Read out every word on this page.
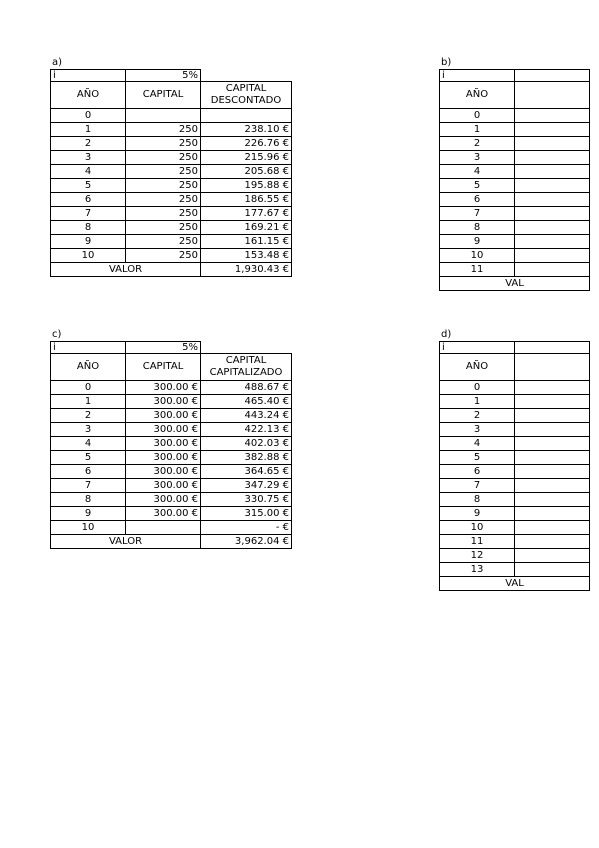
a)
i	5%	
AÑO	CAPITAL	CAPITAL DESCONTADO
0		
1	250	238.10 €
2	250	226.76 €
3	250	215.96 €
4	250	205.68 €
5	250	195.88 €
6	250	186.55 €
7	250	177.67 €
8	250	169.21 €
9	250	161.15 €
10	250	153.48 €
VALOR		1,930.43 €
b)
i	
AÑO	
0	
1	
2	
3	
4	
5	
6	
7	
8	
9	
10	
11	
VAL	
c)
i	5%	
AÑO	CAPITAL	CAPITAL CAPITALIZADO
0	300.00 €	488.67 €
1	300.00 €	465.40 €
2	300.00 €	443.24 €
3	300.00 €	422.13 €
4	300.00 €	402.03 €
5	300.00 €	382.88 €
6	300.00 €	364.65 €
7	300.00 €	347.29 €
8	300.00 €	330.75 €
9	300.00 €	315.00 €
10		- €
VALOR		3,962.04 €
d)
i	
AÑO	
0	
1	
2	
3	
4	
5	
6	
7	
8	
9	
10	
11	
12	
13	
VAL	
